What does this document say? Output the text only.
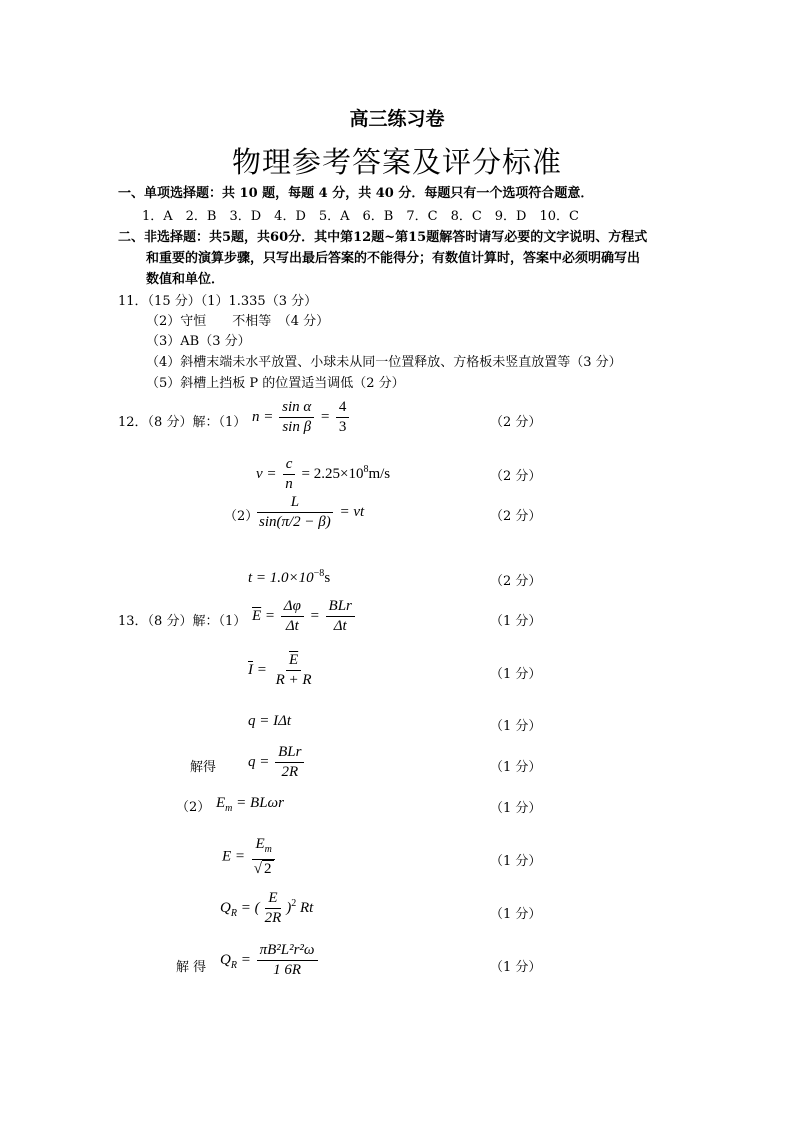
高三练习卷
物理参考答案及评分标准
一、单项选择题：共 10 题，每题 4 分，共 40 分．每题只有一个选项符合题意．
1．A　2．B　3．D　4．D　5．A　6．B　7．C　8．C　9．D　10．C
二、非选择题：共5题，共60分．其中第12题~第15题解答时请写必要的文字说明、方程式
和重要的演算步骤，只写出最后答案的不能得分；有数值计算时，答案中必须明确写出
数值和单位．
11．（15 分）（1）1.335（3 分）
（2）守恒　　不相等　（4 分）
（3）AB（3 分）
（4）斜槽末端未水平放置、小球未从同一位置释放、方格板未竖直放置等（3 分）
（5）斜槽上挡板 P 的位置适当调低（2 分）
12．（8 分）解：（1） $n = \frac{\text{sin α}}{\text{sin β}} = \frac{4}{3}$	（2 分）
$v = \frac{c}{n} = 2.25\times 10^8m/s$	（2 分）
（2）
$\frac{L}{\sin(\pi/2 - \beta)}$ = vt	（2 分）
$t = 1.0\times 10^{-8}s$	（2 分）
13．（8 分）解：（1） $\overline{E} = \frac{\Delta\varphi}{\Delta t} = \frac{\text{BLr}}{\Delta t}$	（1 分）
$\overline{I} = \frac{\overline{E}}{R + R}$	（1 分）
q = IΔt	（1 分）
解得 $q = \frac{\text{BLr}}{2R}$	（1 分）
（2） $E_m = BL\omega r$	（1 分）
$E = \frac{E_m}{√ 2}$	（1 分）
$Q_R$ = ( $\frac{E}{2R} )^2$ Rt	（1 分）
解 得 $Q_R = \frac{\text{πB²L²r²ω}}{1 6R}$	（1 分）
